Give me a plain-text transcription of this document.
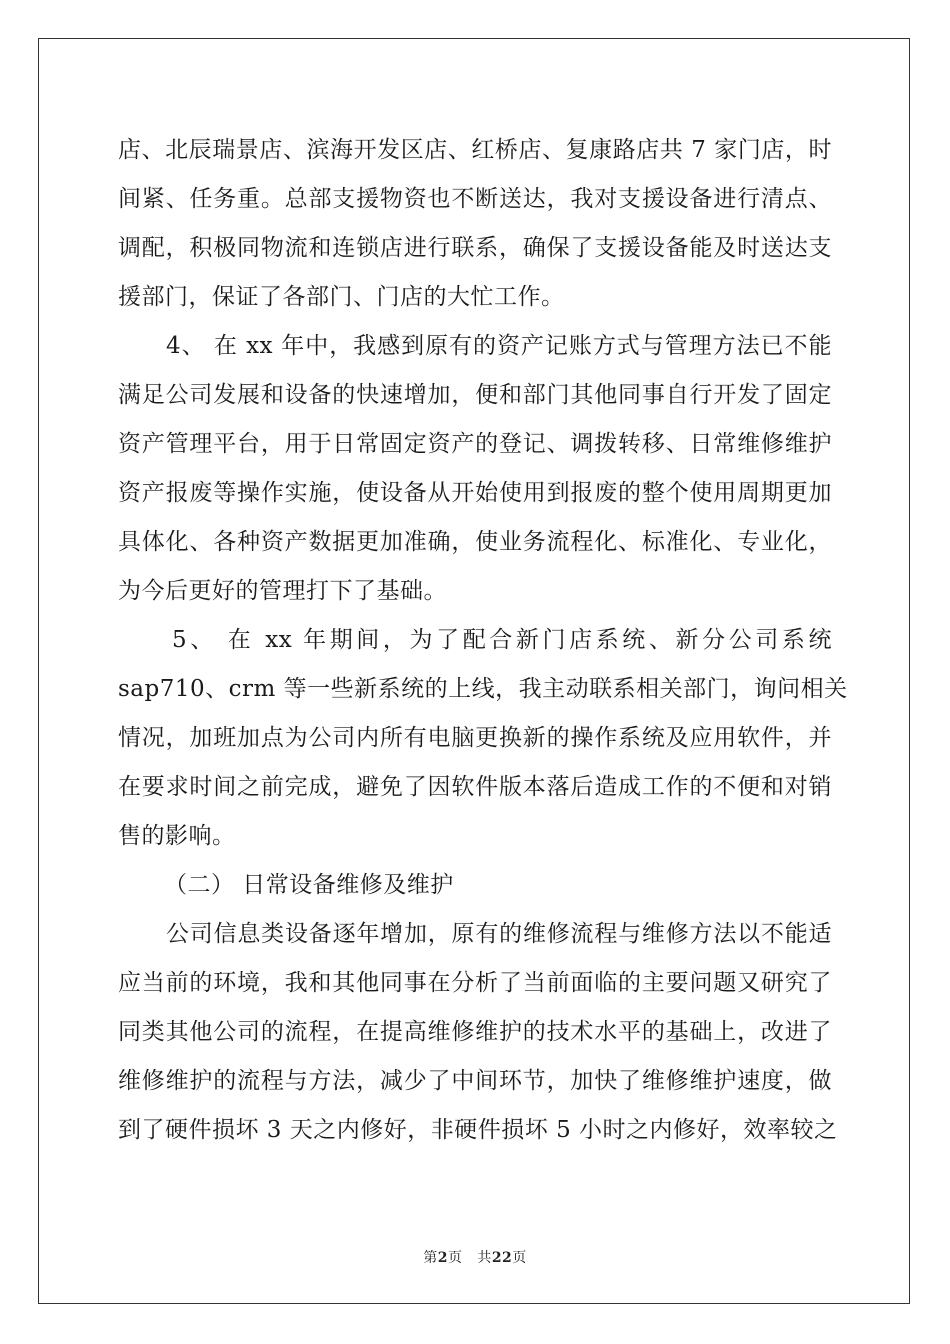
店、北辰瑞景店、滨海开发区店、红桥店、复康路店共 7 家门店，时
间紧、任务重。总部支援物资也不断送达，我对支援设备进行清点、
调配，积极同物流和连锁店进行联系，确保了支援设备能及时送达支
援部门，保证了各部门、门店的大忙工作。
4、 在 xx 年中，我感到原有的资产记账方式与管理方法已不能
满足公司发展和设备的快速增加，便和部门其他同事自行开发了固定
资产管理平台，用于日常固定资产的登记、调拨转移、日常维修维护
资产报废等操作实施，使设备从开始使用到报废的整个使用周期更加
具体化、各种资产数据更加准确，使业务流程化、标准化、专业化，
为今后更好的管理打下了基础。
5、 在 xx 年期间，为了配合新门店系统、新分公司系统
sap710、crm 等一些新系统的上线，我主动联系相关部门，询问相关
情况，加班加点为公司内所有电脑更换新的操作系统及应用软件，并
在要求时间之前完成，避免了因软件版本落后造成工作的不便和对销
售的影响。
（二） 日常设备维修及维护
公司信息类设备逐年增加，原有的维修流程与维修方法以不能适
应当前的环境，我和其他同事在分析了当前面临的主要问题又研究了
同类其他公司的流程，在提高维修维护的技术水平的基础上，改进了
维修维护的流程与方法，减少了中间环节，加快了维修维护速度，做
到了硬件损坏 3 天之内修好，非硬件损坏 5 小时之内修好，效率较之
第2页 共22页
